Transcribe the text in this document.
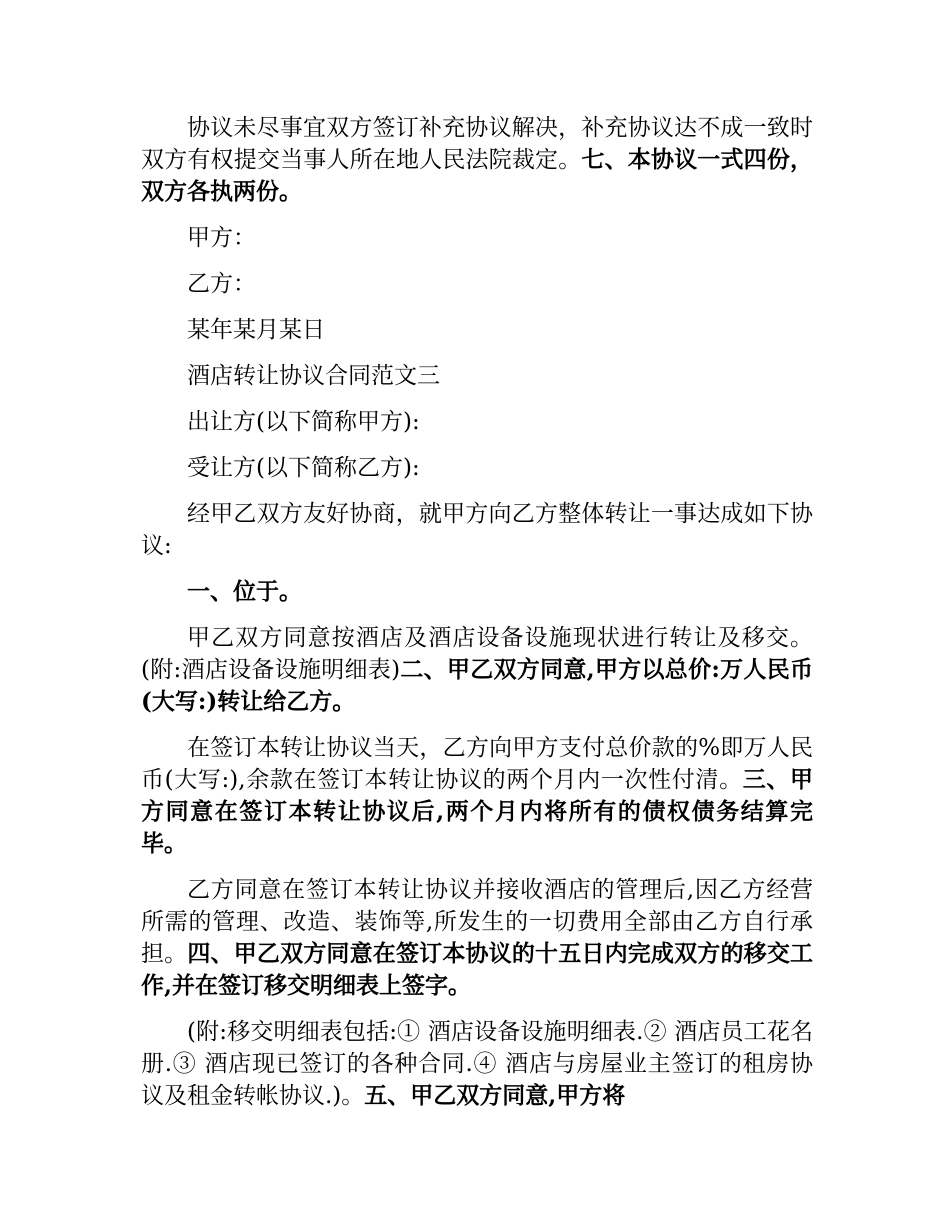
协议未尽事宜双方签订补充协议解决，补充协议达不成一致时双方有权提交当事人所在地人民法院裁定。七、本协议一式四份，双方各执两份。

甲方：

乙方：

某年某月某日

酒店转让协议合同范文三

出让方(以下简称甲方):

受让方(以下简称乙方):

经甲乙双方友好协商，就甲方向乙方整体转让一事达成如下协议:

一、位于。

甲乙双方同意按酒店及酒店设备设施现状进行转让及移交。(附:酒店设备设施明细表)二、甲乙双方同意,甲方以总价:万人民币(大写:)转让给乙方。

在签订本转让协议当天，乙方向甲方支付总价款的%即万人民币(大写:),余款在签订本转让协议的两个月内一次性付清。三、甲方同意在签订本转让协议后,两个月内将所有的债权债务结算完毕。

乙方同意在签订本转让协议并接收酒店的管理后,因乙方经营所需的管理、改造、装饰等,所发生的一切费用全部由乙方自行承担。四、甲乙双方同意在签订本协议的十五日内完成双方的移交工作,并在签订移交明细表上签字。

(附:移交明细表包括:① 酒店设备设施明细表.② 酒店员工花名册.③ 酒店现已签订的各种合同.④ 酒店与房屋业主签订的租房协议及租金转帐协议.)。五、甲乙双方同意,甲方将
